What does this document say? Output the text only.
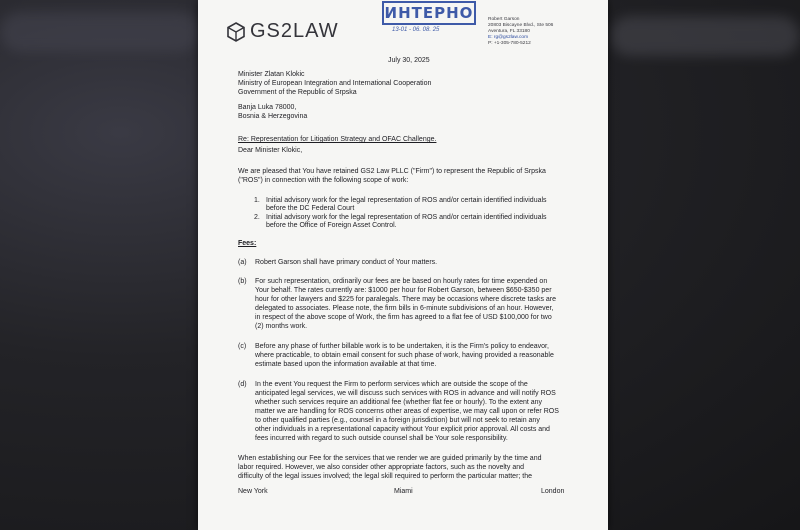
GS2LAW
ИНТЕРНО
13-01 - 06. 08. 25
Robert Garson
20803 Biscayne Blvd., Ste 506
Aventura, FL 33180
E: rg@gs2law.com
P: +1-305-780-5212
July 30, 2025
Minister Zlatan Klokic
Ministry of European Integration and International Cooperation
Government of the Republic of Srpska
Banja Luka 78000,
Bosnia & Herzegovina
Re: Representation for Litigation Strategy and OFAC Challenge.
Dear Minister Klokic,
We are pleased that You have retained GS2 Law PLLC ("Firm") to represent the Republic of Srpska
("ROS") in connection with the following scope of work:
1. Initial advisory work for the legal representation of ROS and/or certain identified individuals
before the DC Federal Court
2. Initial advisory work for the legal representation of ROS and/or certain identified individuals
before the Office of Foreign Asset Control.
Fees:
(a) Robert Garson shall have primary conduct of Your matters.
(b) For such representation, ordinarily our fees are be based on hourly rates for time expended on
Your behalf. The rates currently are: $1000 per hour for Robert Garson, between $650-$350 per
hour for other lawyers and $225 for paralegals. There may be occasions where discrete tasks are
delegated to associates. Please note, the firm bills in 6-minute subdivisions of an hour. However,
in respect of the above scope of Work, the firm has agreed to a flat fee of USD $100,000 for two
(2) months work.
(c) Before any phase of further billable work is to be undertaken, it is the Firm's policy to endeavor,
where practicable, to obtain email consent for such phase of work, having provided a reasonable
estimate based upon the information available at that time.
(d) In the event You request the Firm to perform services which are outside the scope of the
anticipated legal services, we will discuss such services with ROS in advance and will notify ROS
whether such services require an additional fee (whether flat fee or hourly). To the extent any
matter we are handling for ROS concerns other areas of expertise, we may call upon or refer ROS
to other qualified parties (e.g., counsel in a foreign jurisdiction) but will not seek to retain any
other individuals in a representational capacity without Your explicit prior approval. All costs and
fees incurred with regard to such outside counsel shall be Your sole responsibility.
When establishing our Fee for the services that we render we are guided primarily by the time and
labor required. However, we also consider other appropriate factors, such as the novelty and
difficulty of the legal issues involved; the legal skill required to perform the particular matter; the
New York	Miami	London
